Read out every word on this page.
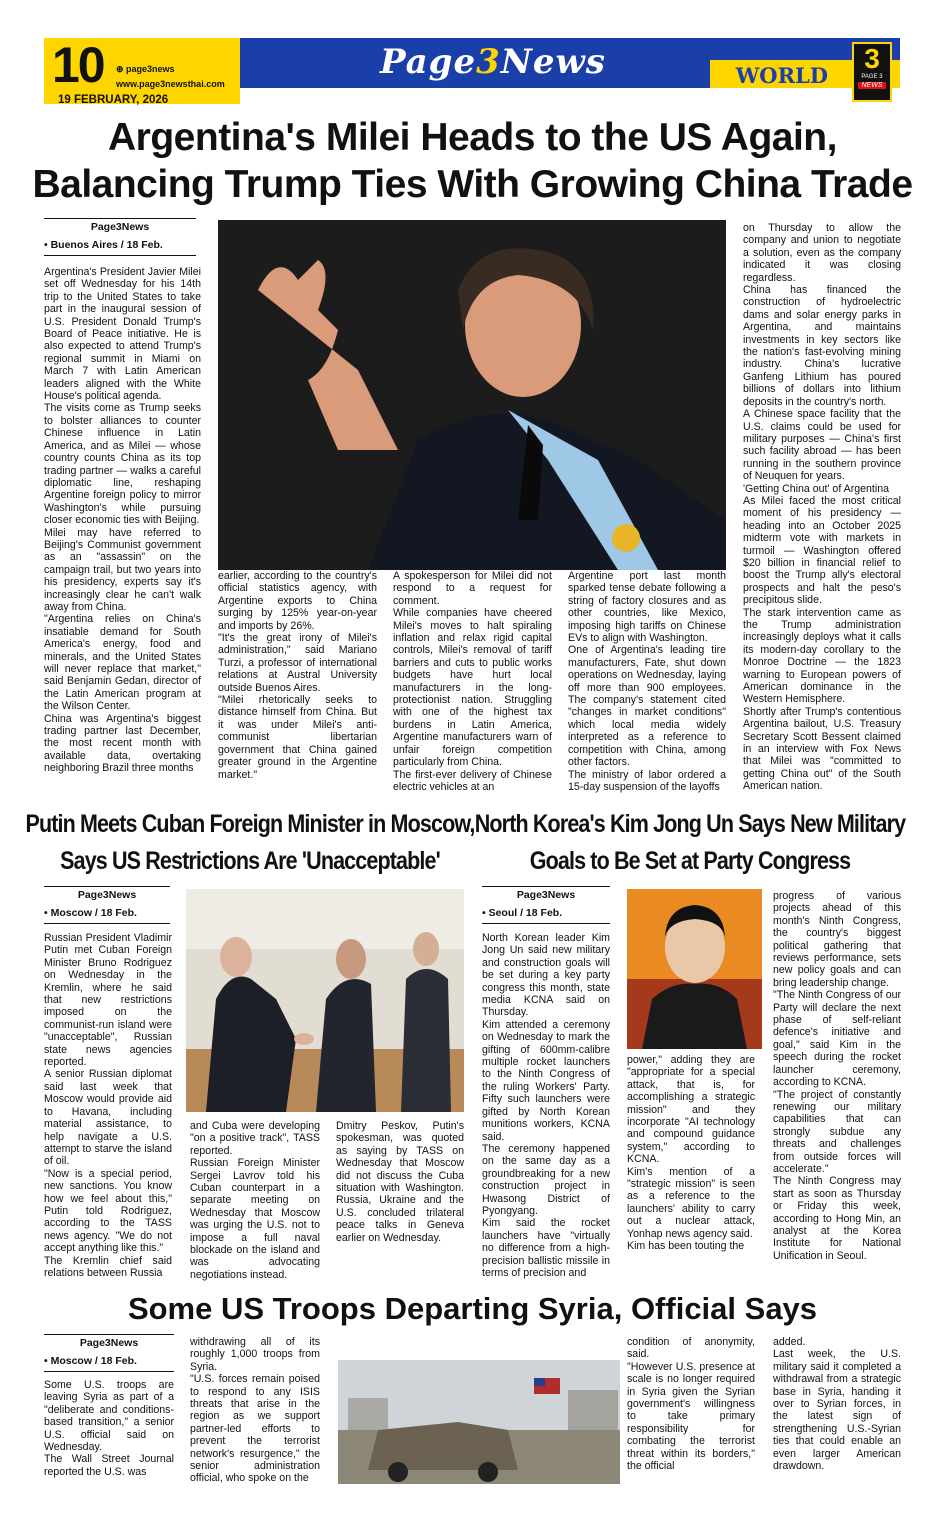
10 ⊕ page3news
www.page3newsthai.com
19 FEBRUARY, 2026
Page3News	WORLD
3
PAGE 3
NEWS
Argentina's Milei Heads to the US Again, Balancing Trump Ties With Growing China Trade
Page3News
• Buenos Aires / 18 Feb.

Argentina's President Javier Milei set off Wednesday for his 14th trip to the United States to take part in the inaugural session of U.S. President Donald Trump's Board of Peace initiative. He is also expected to attend Trump's regional summit in Miami on March 7 with Latin American leaders aligned with the White House's political agenda.

The visits come as Trump seeks to bolster alliances to counter Chinese influence in Latin America, and as Milei — whose country counts China as its top trading partner — walks a careful diplomatic line, reshaping Argentine foreign policy to mirror Washington's while pursuing closer economic ties with Beijing.

Milei may have referred to Beijing's Communist government as an "assassin" on the campaign trail, but two years into his presidency, experts say it's increasingly clear he can't walk away from China.

"Argentina relies on China's insatiable demand for South America's energy, food and minerals, and the United States will never replace that market," said Benjamin Gedan, director of the Latin American program at the Wilson Center.

China was Argentina's biggest trading partner last December, the most recent month with available data, overtaking neighboring Brazil three months

earlier, according to the country's official statistics agency, with Argentine exports to China surging by 125% year-on-year and imports by 26%.

"It's the great irony of Milei's administration," said Mariano Turzi, a professor of international relations at Austral University outside Buenos Aires.

"Milei rhetorically seeks to distance himself from China. But it was under Milei's anti-communist libertarian government that China gained greater ground in the Argentine market."

A spokesperson for Milei did not respond to a request for comment.

While companies have cheered Milei's moves to halt spiraling inflation and relax rigid capital controls, Milei's removal of tariff barriers and cuts to public works budgets have hurt local manufacturers in the long-protectionist nation. Struggling with one of the highest tax burdens in Latin America, Argentine manufacturers warn of unfair foreign competition particularly from China.

The first-ever delivery of Chinese electric vehicles at an

Argentine port last month sparked tense debate following a string of factory closures and as other countries, like Mexico, imposing high tariffs on Chinese EVs to align with Washington.

One of Argentina's leading tire manufacturers, Fate, shut down operations on Wednesday, laying off more than 900 employees. The company's statement cited "changes in market conditions" which local media widely interpreted as a reference to competition with China, among other factors.

The ministry of labor ordered a 15-day suspension of the layoffs

on Thursday to allow the company and union to negotiate a solution, even as the company indicated it was closing regardless.

China has financed the construction of hydroelectric dams and solar energy parks in Argentina, and maintains investments in key sectors like the nation's fast-evolving mining industry. China's lucrative Ganfeng Lithium has poured billions of dollars into lithium deposits in the country's north.

A Chinese space facility that the U.S. claims could be used for military purposes — China's first such facility abroad — has been running in the southern province of Neuquen for years.

'Getting China out' of Argentina

As Milei faced the most critical moment of his presidency — heading into an October 2025 midterm vote with markets in turmoil — Washington offered $20 billion in financial relief to boost the Trump ally's electoral prospects and halt the peso's precipitous slide.

The stark intervention came as the Trump administration increasingly deploys what it calls its modern-day corollary to the Monroe Doctrine — the 1823 warning to European powers of American dominance in the Western Hemisphere.

Shortly after Trump's contentious Argentina bailout, U.S. Treasury Secretary Scott Bessent claimed in an interview with Fox News that Milei was "committed to getting China out" of the South American nation.

Putin Meets Cuban Foreign Minister in Moscow, Says US Restrictions Are 'Unacceptable'
Page3News
• Moscow / 18 Feb.

Russian President Vladimir Putin met Cuban Foreign Minister Bruno Rodriguez on Wednesday in the Kremlin, where he said that new restrictions imposed on the communist-run island were "unacceptable", Russian state news agencies reported.

A senior Russian diplomat said last week that Moscow would provide aid to Havana, including material assistance, to help navigate a U.S. attempt to starve the island of oil.

"Now is a special period, new sanctions. You know how we feel about this," Putin told Rodriguez, according to the TASS news agency. "We do not accept anything like this."

The Kremlin chief said relations between Russia

and Cuba were developing "on a positive track", TASS reported.

Russian Foreign Minister Sergei Lavrov told his Cuban counterpart in a separate meeting on Wednesday that Moscow was urging the U.S. not to impose a full naval blockade on the island and was advocating negotiations instead.

Dmitry Peskov, Putin's spokesman, was quoted as saying by TASS on Wednesday that Moscow did not discuss the Cuba situation with Washington. Russia, Ukraine and the U.S. concluded trilateral peace talks in Geneva earlier on Wednesday.

North Korea's Kim Jong Un Says New Military Goals to Be Set at Party Congress
Page3News
• Seoul / 18 Feb.

North Korean leader Kim Jong Un said new military and construction goals will be set during a key party congress this month, state media KCNA said on Thursday.

Kim attended a ceremony on Wednesday to mark the gifting of 600mm-calibre multiple rocket launchers to the Ninth Congress of the ruling Workers' Party. Fifty such launchers were gifted by North Korean munitions workers, KCNA said.

The ceremony happened on the same day as a groundbreaking for a new construction project in Hwasong District of Pyongyang.

Kim said the rocket launchers have "virtually no difference from a high-precision ballistic missile in terms of precision and

power," adding they are "appropriate for a special attack, that is, for accomplishing a strategic mission" and they incorporate "AI technology and compound guidance system," according to KCNA.

Kim's mention of a "strategic mission" is seen as a reference to the launchers' ability to carry out a nuclear attack, Yonhap news agency said.

Kim has been touting the

progress of various projects ahead of this month's Ninth Congress, the country's biggest political gathering that reviews performance, sets new policy goals and can bring leadership change.

"The Ninth Congress of our Party will declare the next phase of self-reliant defence's initiative and goal," said Kim in the speech during the rocket launcher ceremony, according to KCNA.

"The project of constantly renewing our military capabilities that can strongly subdue any threats and challenges from outside forces will accelerate."

The Ninth Congress may start as soon as Thursday or Friday this week, according to Hong Min, an analyst at the Korea Institute for National Unification in Seoul.

Some US Troops Departing Syria, Official Says
Page3News
• Moscow / 18 Feb.

Some U.S. troops are leaving Syria as part of a "deliberate and conditions-based transition," a senior U.S. official said on Wednesday.

The Wall Street Journal reported the U.S. was

withdrawing all of its roughly 1,000 troops from Syria.

"U.S. forces remain poised to respond to any ISIS threats that arise in the region as we support partner-led efforts to prevent the terrorist network's resurgence," the senior administration official, who spoke on the

condition of anonymity, said.

"However U.S. presence at scale is no longer required in Syria given the Syrian government's willingness to take primary responsibility for combating the terrorist threat within its borders," the official

added.

Last week, the U.S. military said it completed a withdrawal from a strategic base in Syria, handing it over to Syrian forces, in the latest sign of strengthening U.S.-Syrian ties that could enable an even larger American drawdown.
